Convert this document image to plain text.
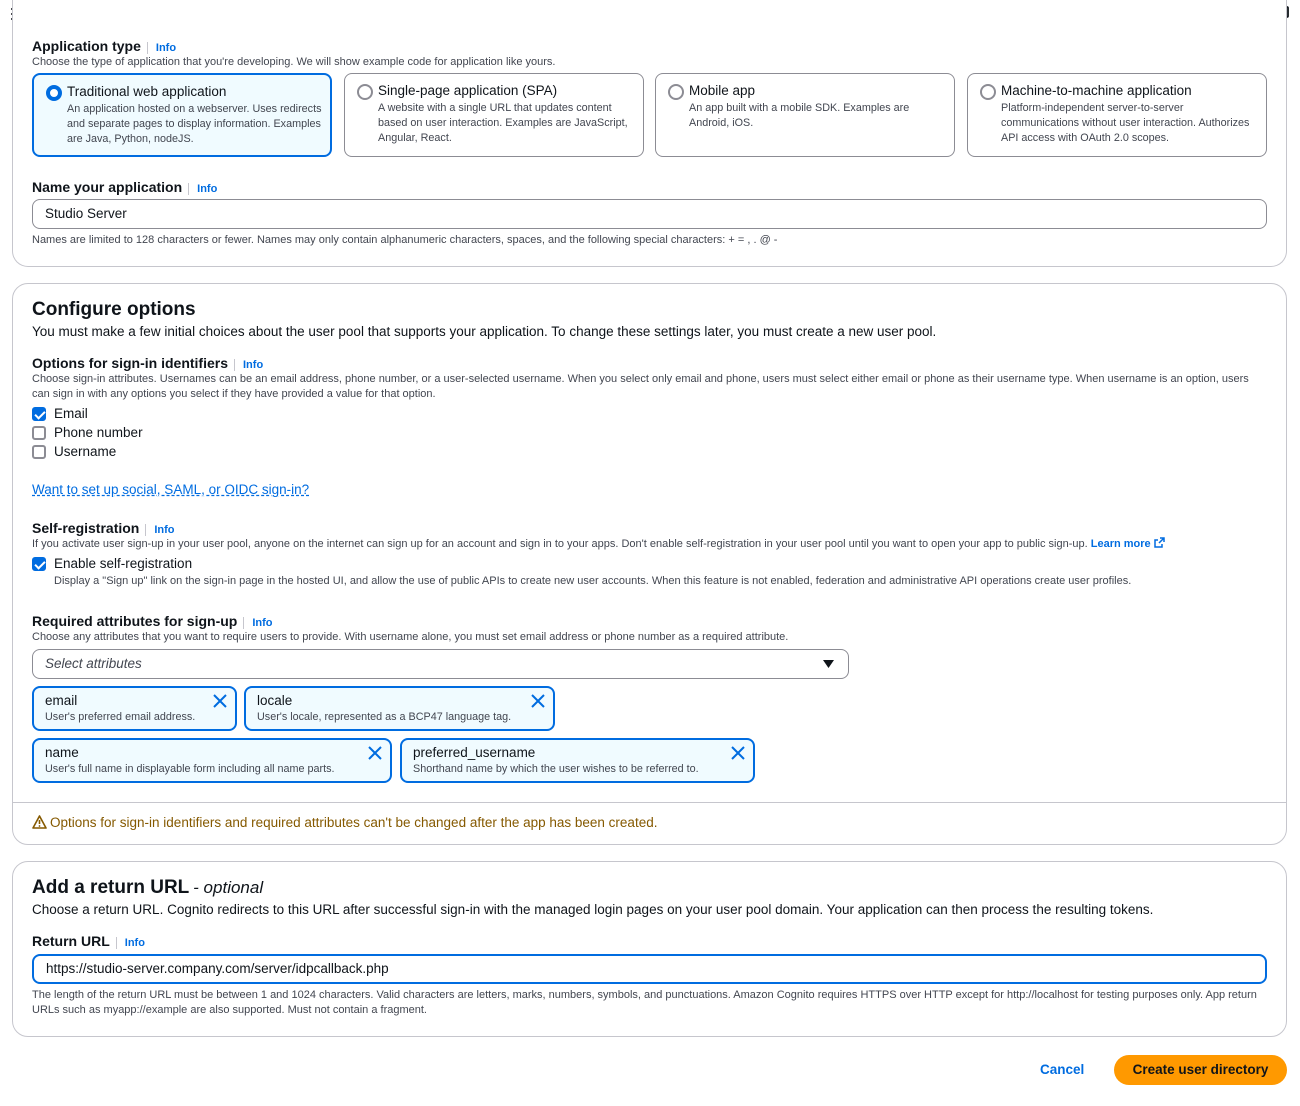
Application type Info
Choose the type of application that you're developing. We will show example code for application like yours.
Traditional web application
An application hosted on a webserver. Uses redirects and separate pages to display information. Examples are Java, Python, nodeJS.
Single-page application (SPA)
A website with a single URL that updates content based on user interaction. Examples are JavaScript, Angular, React.
Mobile app
An app built with a mobile SDK. Examples are Android, iOS.
Machine-to-machine application
Platform-independent server-to-server communications without user interaction. Authorizes API access with OAuth 2.0 scopes.
Name your application Info
Studio Server
Names are limited to 128 characters or fewer. Names may only contain alphanumeric characters, spaces, and the following special characters: + = , . @ -
Configure options
You must make a few initial choices about the user pool that supports your application. To change these settings later, you must create a new user pool.
Options for sign-in identifiers Info
Choose sign-in attributes. Usernames can be an email address, phone number, or a user-selected username. When you select only email and phone, users must select either email or phone as their username type. When username is an option, users can sign in with any options you select if they have provided a value for that option.
Email
Phone number
Username
Want to set up social, SAML, or OIDC sign-in?
Self-registration Info
If you activate user sign-up in your user pool, anyone on the internet can sign up for an account and sign in to your apps. Don't enable self-registration in your user pool until you want to open your app to public sign-up. Learn more
Enable self-registration
Display a "Sign up" link on the sign-in page in the hosted UI, and allow the use of public APIs to create new user accounts. When this feature is not enabled, federation and administrative API operations create user profiles.
Required attributes for sign-up Info
Choose any attributes that you want to require users to provide. With username alone, you must set email address or phone number as a required attribute.
Select attributes
email
User's preferred email address.
locale
User's locale, represented as a BCP47 language tag.
name
User's full name in displayable form including all name parts.
preferred_username
Shorthand name by which the user wishes to be referred to.
Options for sign-in identifiers and required attributes can't be changed after the app has been created.
Add a return URL - optional
Choose a return URL. Cognito redirects to this URL after successful sign-in with the managed login pages on your user pool domain. Your application can then process the resulting tokens.
Return URL Info
https://studio-server.company.com/server/idpcallback.php
The length of the return URL must be between 1 and 1024 characters. Valid characters are letters, marks, numbers, symbols, and punctuations. Amazon Cognito requires HTTPS over HTTP except for http://localhost for testing purposes only. App return URLs such as myapp://example are also supported. Must not contain a fragment.
Cancel	Create user directory
